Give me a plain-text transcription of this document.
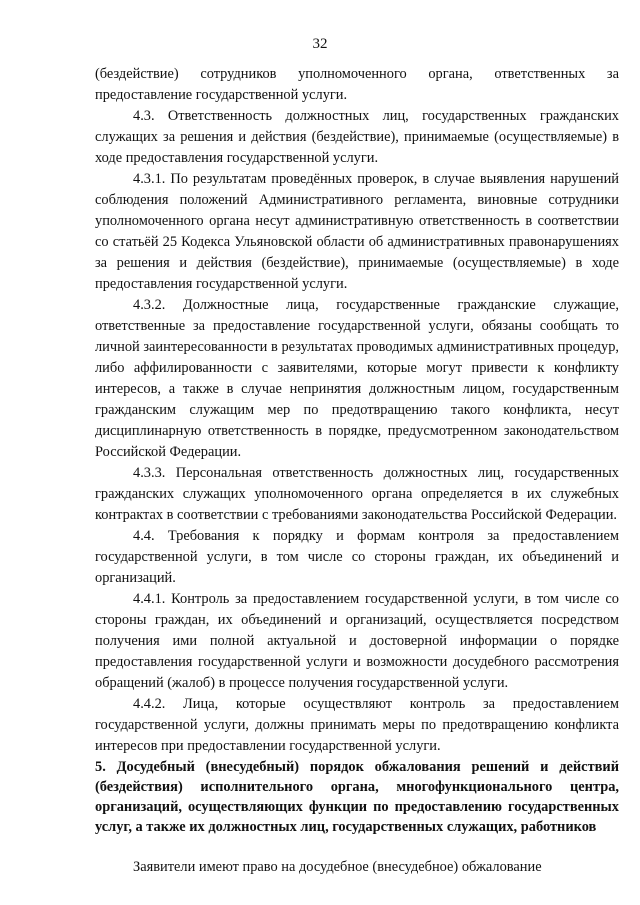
32

(бездействие) сотрудников уполномоченного органа, ответственных за предоставление государственной услуги.

4.3. Ответственность должностных лиц, государственных гражданских служащих за решения и действия (бездействие), принимаемые (осуществляемые) в ходе предоставления государственной услуги.

4.3.1. По результатам проведённых проверок, в случае выявления нарушений соблюдения положений Административного регламента, виновные сотрудники уполномоченного органа несут административную ответственность в соответствии со статьёй 25 Кодекса Ульяновской области об административных правонарушениях за решения и действия (бездействие), принимаемые (осуществляемые) в ходе предоставления государственной услуги.

4.3.2. Должностные лица, государственные гражданские служащие, ответственные за предоставление государственной услуги, обязаны сообщать то личной заинтересованности в результатах проводимых административных процедур, либо аффилированности с заявителями, которые могут привести к конфликту интересов, а также в случае непринятия должностным лицом, государственным гражданским служащим мер по предотвращению такого конфликта, несут дисциплинарную ответственность в порядке, предусмотренном законодательством Российской Федерации.

4.3.3. Персональная ответственность должностных лиц, государственных гражданских служащих уполномоченного органа определяется в их служебных контрактах в соответствии с требованиями законодательства Российской Федерации.

4.4. Требования к порядку и формам контроля за предоставлением государственной услуги, в том числе со стороны граждан, их объединений и организаций.

4.4.1. Контроль за предоставлением государственной услуги, в том числе со стороны граждан, их объединений и организаций, осуществляется посредством получения ими полной актуальной и достоверной информации о порядке предоставления государственной услуги и возможности досудебного рассмотрения обращений (жалоб) в процессе получения государственной услуги.

4.4.2. Лица, которые осуществляют контроль за предоставлением государственной услуги, должны принимать меры по предотвращению конфликта интересов при предоставлении государственной услуги.

5. Досудебный (внесудебный) порядок обжалования решений и действий (бездействия) исполнительного органа, многофункционального центра, организаций, осуществляющих функции по предоставлению государственных услуг, а также их должностных лиц, государственных служащих, работников

Заявители имеют право на досудебное (внесудебное) обжалование
